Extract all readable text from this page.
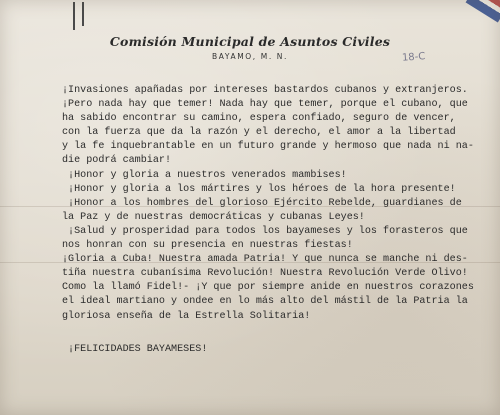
Comisión Municipal de Asuntos Civiles
BAYAMO, M. N.	18-C
¡Invasiones apañadas por intereses bastardos cubanos y extranjeros.
¡Pero nada hay que temer! Nada hay que temer, porque el cubano, que
ha sabido encontrar su camino, espera confiado, seguro de vencer,
con la fuerza que da la razón y el derecho, el amor a la libertad
y la fe inquebrantable en un futuro grande y hermoso que nada ni na-
die podrá cambiar!
¡Honor y gloria a nuestros venerados mambises!
¡Honor y gloria a los mártires y los héroes de la hora presente!
¡Honor a los hombres del glorioso Ejército Rebelde, guardianes de
la Paz y de nuestras democráticas y cubanas Leyes!
¡Salud y prosperidad para todos los bayameses y los forasteros que
nos honran con su presencia en nuestras fiestas!
¡Gloria a Cuba! Nuestra amada Patria! Y que nunca se manche ni des-
tiña nuestra cubanísima Revolución! Nuestra Revolución Verde Olivo!
Como la llamó Fidel!- ¡Y que por siempre anide en nuestros corazones
el ideal martiano y ondee en lo más alto del mástil de la Patria la
gloriosa enseña de la Estrella Solitaria!
¡FELICIDADES BAYAMESES!
